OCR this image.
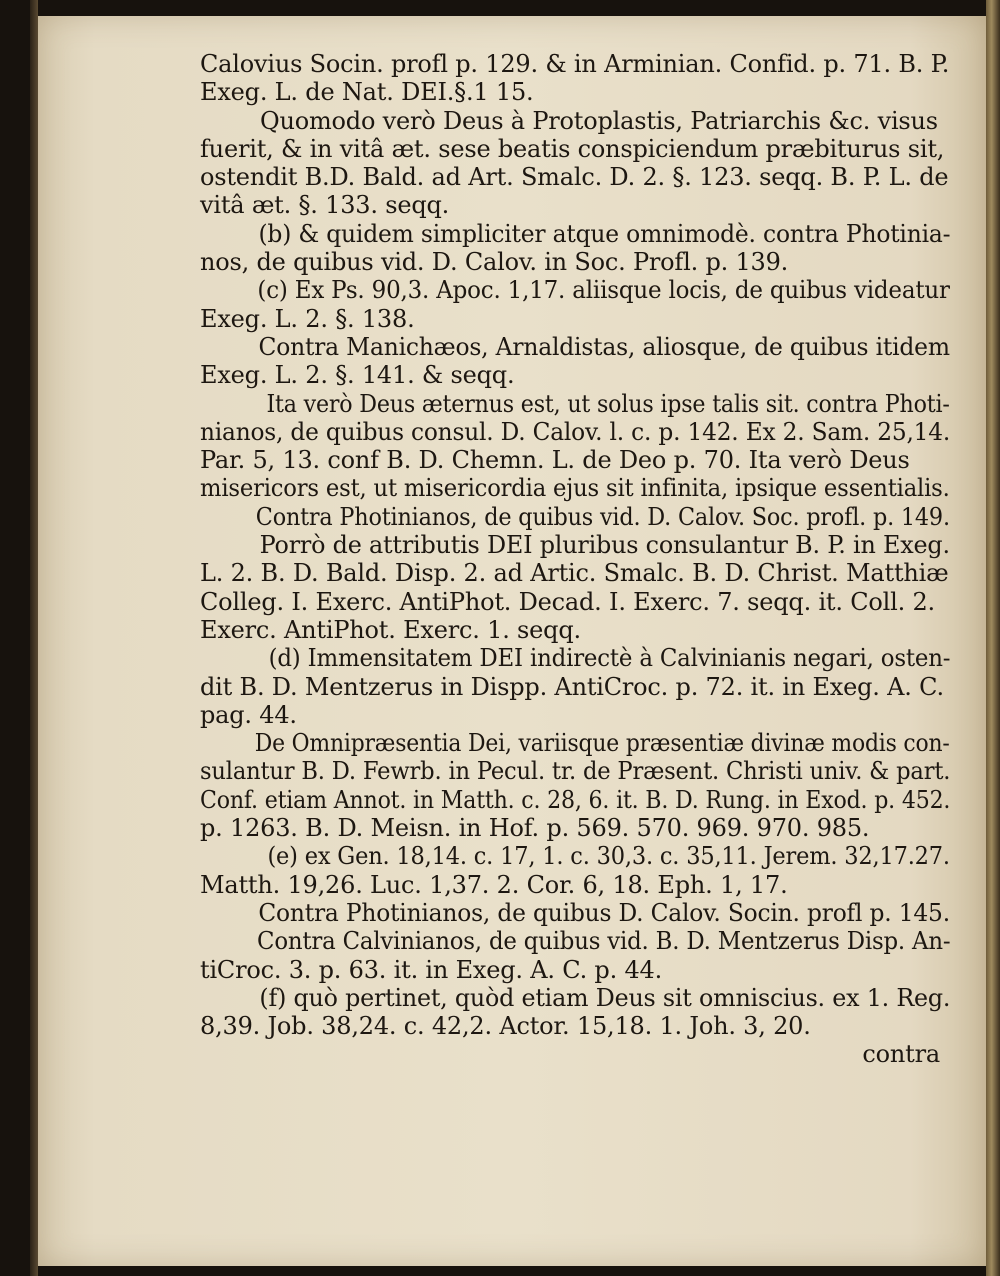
Calovius Socin. profl p. 129. & in Arminian. Confid. p. 71. B. P.
Exeg. L. de Nat. DEI.§.1 15.
Quomodo verò Deus à Protoplastis, Patriarchis &c. visus
fuerit, & in vitâ æt. sese beatis conspiciendum præbiturus sit,
ostendit B.D. Bald. ad Art. Smalc. D. 2. §. 123. seqq. B. P. L. de
vitâ æt. §. 133. seqq.
(b) & quidem simpliciter atque omnimodè. contra Photinia-
nos, de quibus vid. D. Calov. in Soc. Profl. p. 139.
(c) Ex Ps. 90,3. Apoc. 1,17. aliisque locis, de quibus videatur
Exeg. L. 2. §. 138.
Contra Manichæos, Arnaldistas, aliosque, de quibus itidem
Exeg. L. 2. §. 141. & seqq.
Ita verò Deus æternus est, ut solus ipse talis sit. contra Photi-
nianos, de quibus consul. D. Calov. l. c. p. 142. Ex 2. Sam. 25,14.
Par. 5, 13. conf B. D. Chemn. L. de Deo p. 70. Ita verò Deus
misericors est, ut misericordia ejus sit infinita, ipsique essentialis.
Contra Photinianos, de quibus vid. D. Calov. Soc. profl. p. 149.
Porrò de attributis DEI pluribus consulantur B. P. in Exeg.
L. 2. B. D. Bald. Disp. 2. ad Artic. Smalc. B. D. Christ. Matthiæ
Colleg. I. Exerc. AntiPhot. Decad. I. Exerc. 7. seqq. it. Coll. 2.
Exerc. AntiPhot. Exerc. 1. seqq.
(d) Immensitatem DEI indirectè à Calvinianis negari, osten-
dit B. D. Mentzerus in Dispp. AntiCroc. p. 72. it. in Exeg. A. C.
pag. 44.
De Omnipræsentia Dei, variisque præsentiæ divinæ modis con-
sulantur B. D. Fewrb. in Pecul. tr. de Præsent. Christi univ. & part.
Conf. etiam Annot. in Matth. c. 28, 6. it. B. D. Rung. in Exod. p. 452.
p. 1263. B. D. Meisn. in Hof. p. 569. 570. 969. 970. 985.
(e) ex Gen. 18,14. c. 17, 1. c. 30,3. c. 35,11. Jerem. 32,17.27.
Matth. 19,26. Luc. 1,37. 2. Cor. 6, 18. Eph. 1, 17.
Contra Photinianos, de quibus D. Calov. Socin. profl p. 145.
Contra Calvinianos, de quibus vid. B. D. Mentzerus Disp. An-
tiCroc. 3. p. 63. it. in Exeg. A. C. p. 44.
(f) quò pertinet, quòd etiam Deus sit omniscius. ex 1. Reg.
8,39. Job. 38,24. c. 42,2. Actor. 15,18. 1. Joh. 3, 20.
contra
